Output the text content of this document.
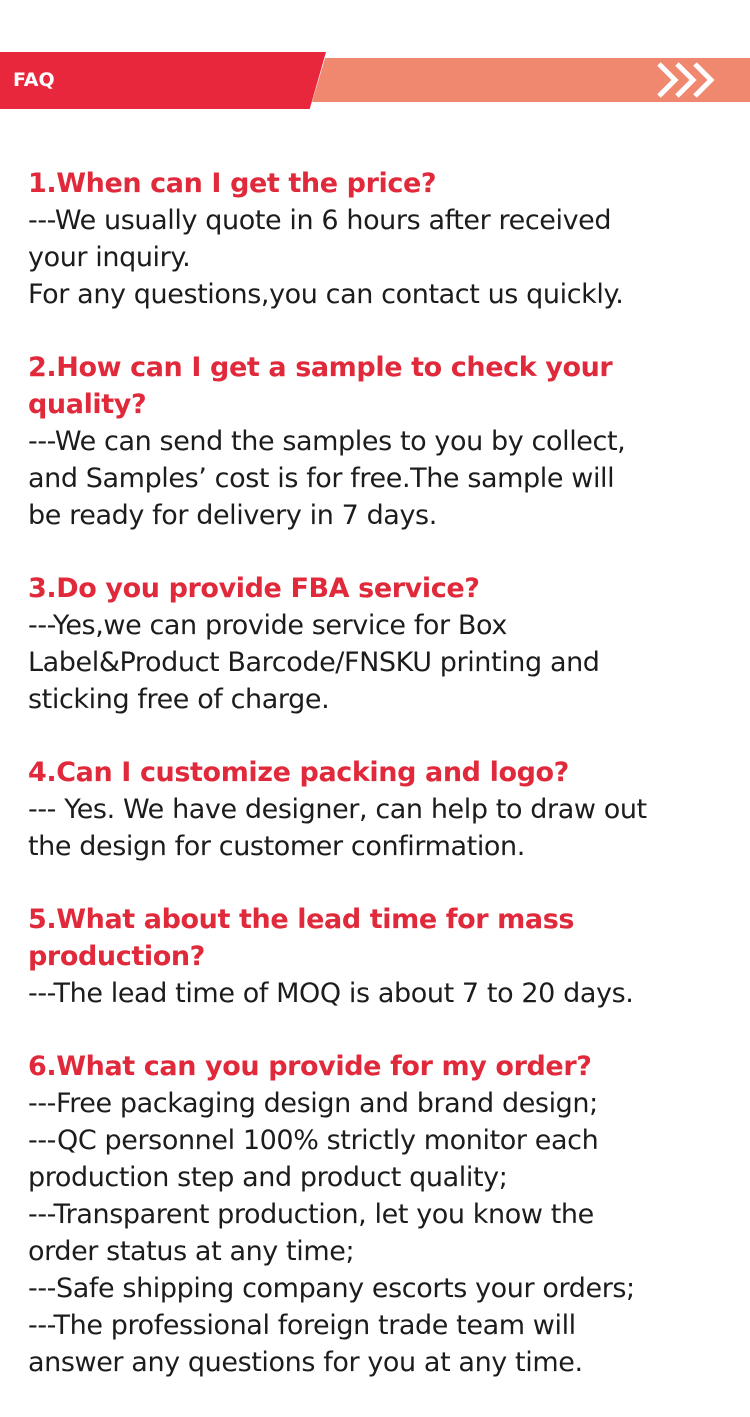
FAQ

1.When can I get the price?

---We usually quote in 6 hours after received
your inquiry.
For any questions,you can contact us quickly.

2.How can I get a sample to check your
quality?

---We can send the samples to you by collect,
and Samples’ cost is for free.The sample will
be ready for delivery in 7 days.

3.Do you provide FBA service?

---Yes,we can provide service for Box
Label&Product Barcode/FNSKU printing and
sticking free of charge.

4.Can I customize packing and logo?

--- Yes. We have designer, can help to draw out
the design for customer confirmation.

5.What about the lead time for mass
production?

---The lead time of MOQ is about 7 to 20 days.

6.What can you provide for my order?

---Free packaging design and brand design;
---QC personnel 100% strictly monitor each
production step and product quality;
---Transparent production, let you know the
order status at any time;
---Safe shipping company escorts your orders;
---The professional foreign trade team will
answer any questions for you at any time.
